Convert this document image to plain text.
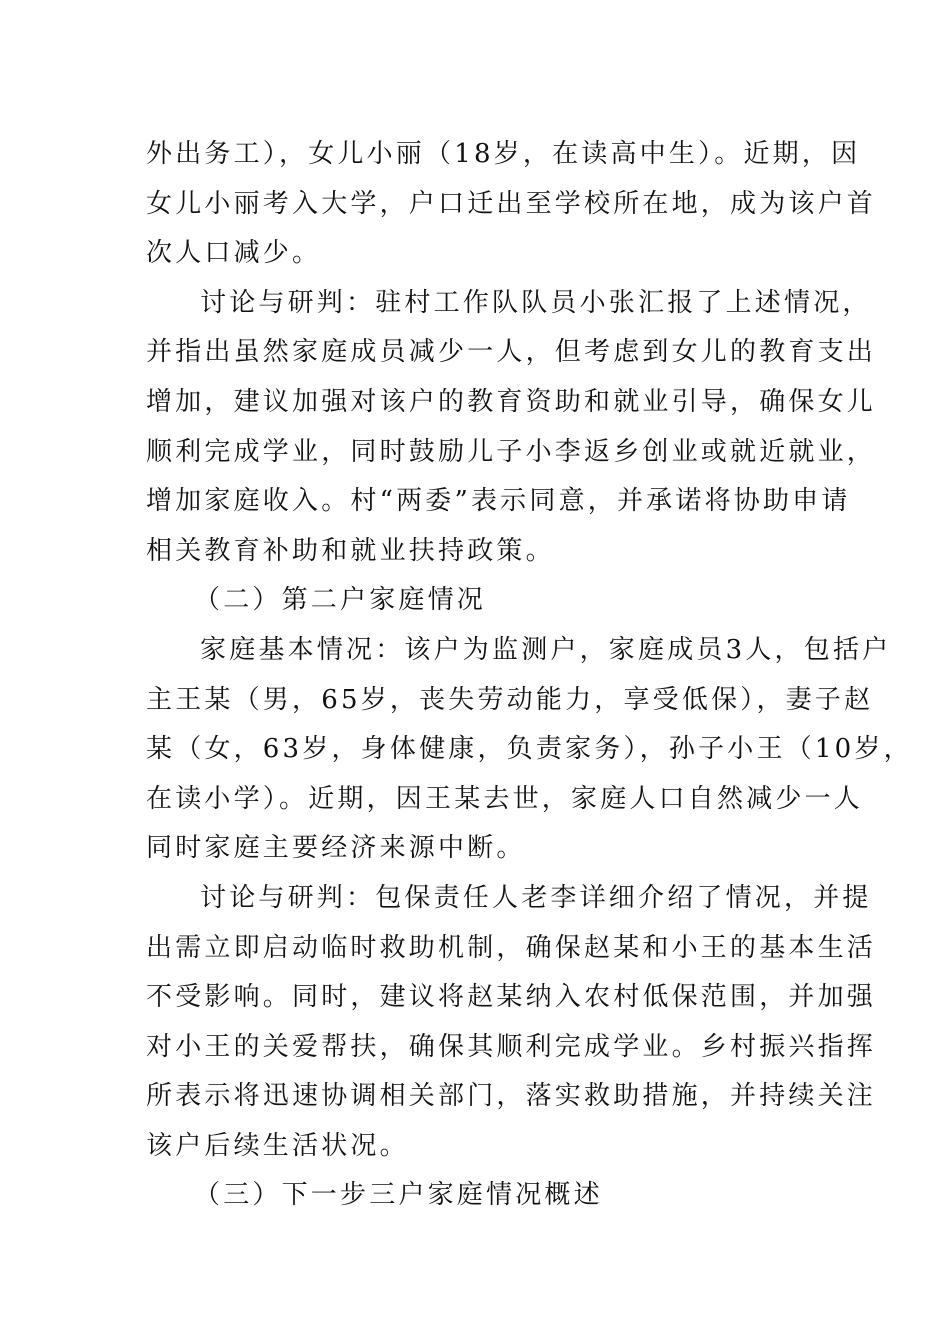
外出务工），女儿小丽（18岁，在读高中生）。近期，因
女儿小丽考入大学，户口迁出至学校所在地，成为该户首
次人口减少。
讨论与研判：驻村工作队队员小张汇报了上述情况，
并指出虽然家庭成员减少一人，但考虑到女儿的教育支出
增加，建议加强对该户的教育资助和就业引导，确保女儿
顺利完成学业，同时鼓励儿子小李返乡创业或就近就业，
增加家庭收入。村“两委”表示同意，并承诺将协助申请
相关教育补助和就业扶持政策。
（二）第二户家庭情况
家庭基本情况：该户为监测户，家庭成员3人，包括户
主王某（男，65岁，丧失劳动能力，享受低保），妻子赵
某（女，63岁，身体健康，负责家务），孙子小王（10岁，
在读小学）。近期，因王某去世，家庭人口自然减少一人
同时家庭主要经济来源中断。
讨论与研判：包保责任人老李详细介绍了情况，并提
出需立即启动临时救助机制，确保赵某和小王的基本生活
不受影响。同时，建议将赵某纳入农村低保范围，并加强
对小王的关爱帮扶，确保其顺利完成学业。乡村振兴指挥
所表示将迅速协调相关部门，落实救助措施，并持续关注
该户后续生活状况。
（三）下一步三户家庭情况概述
